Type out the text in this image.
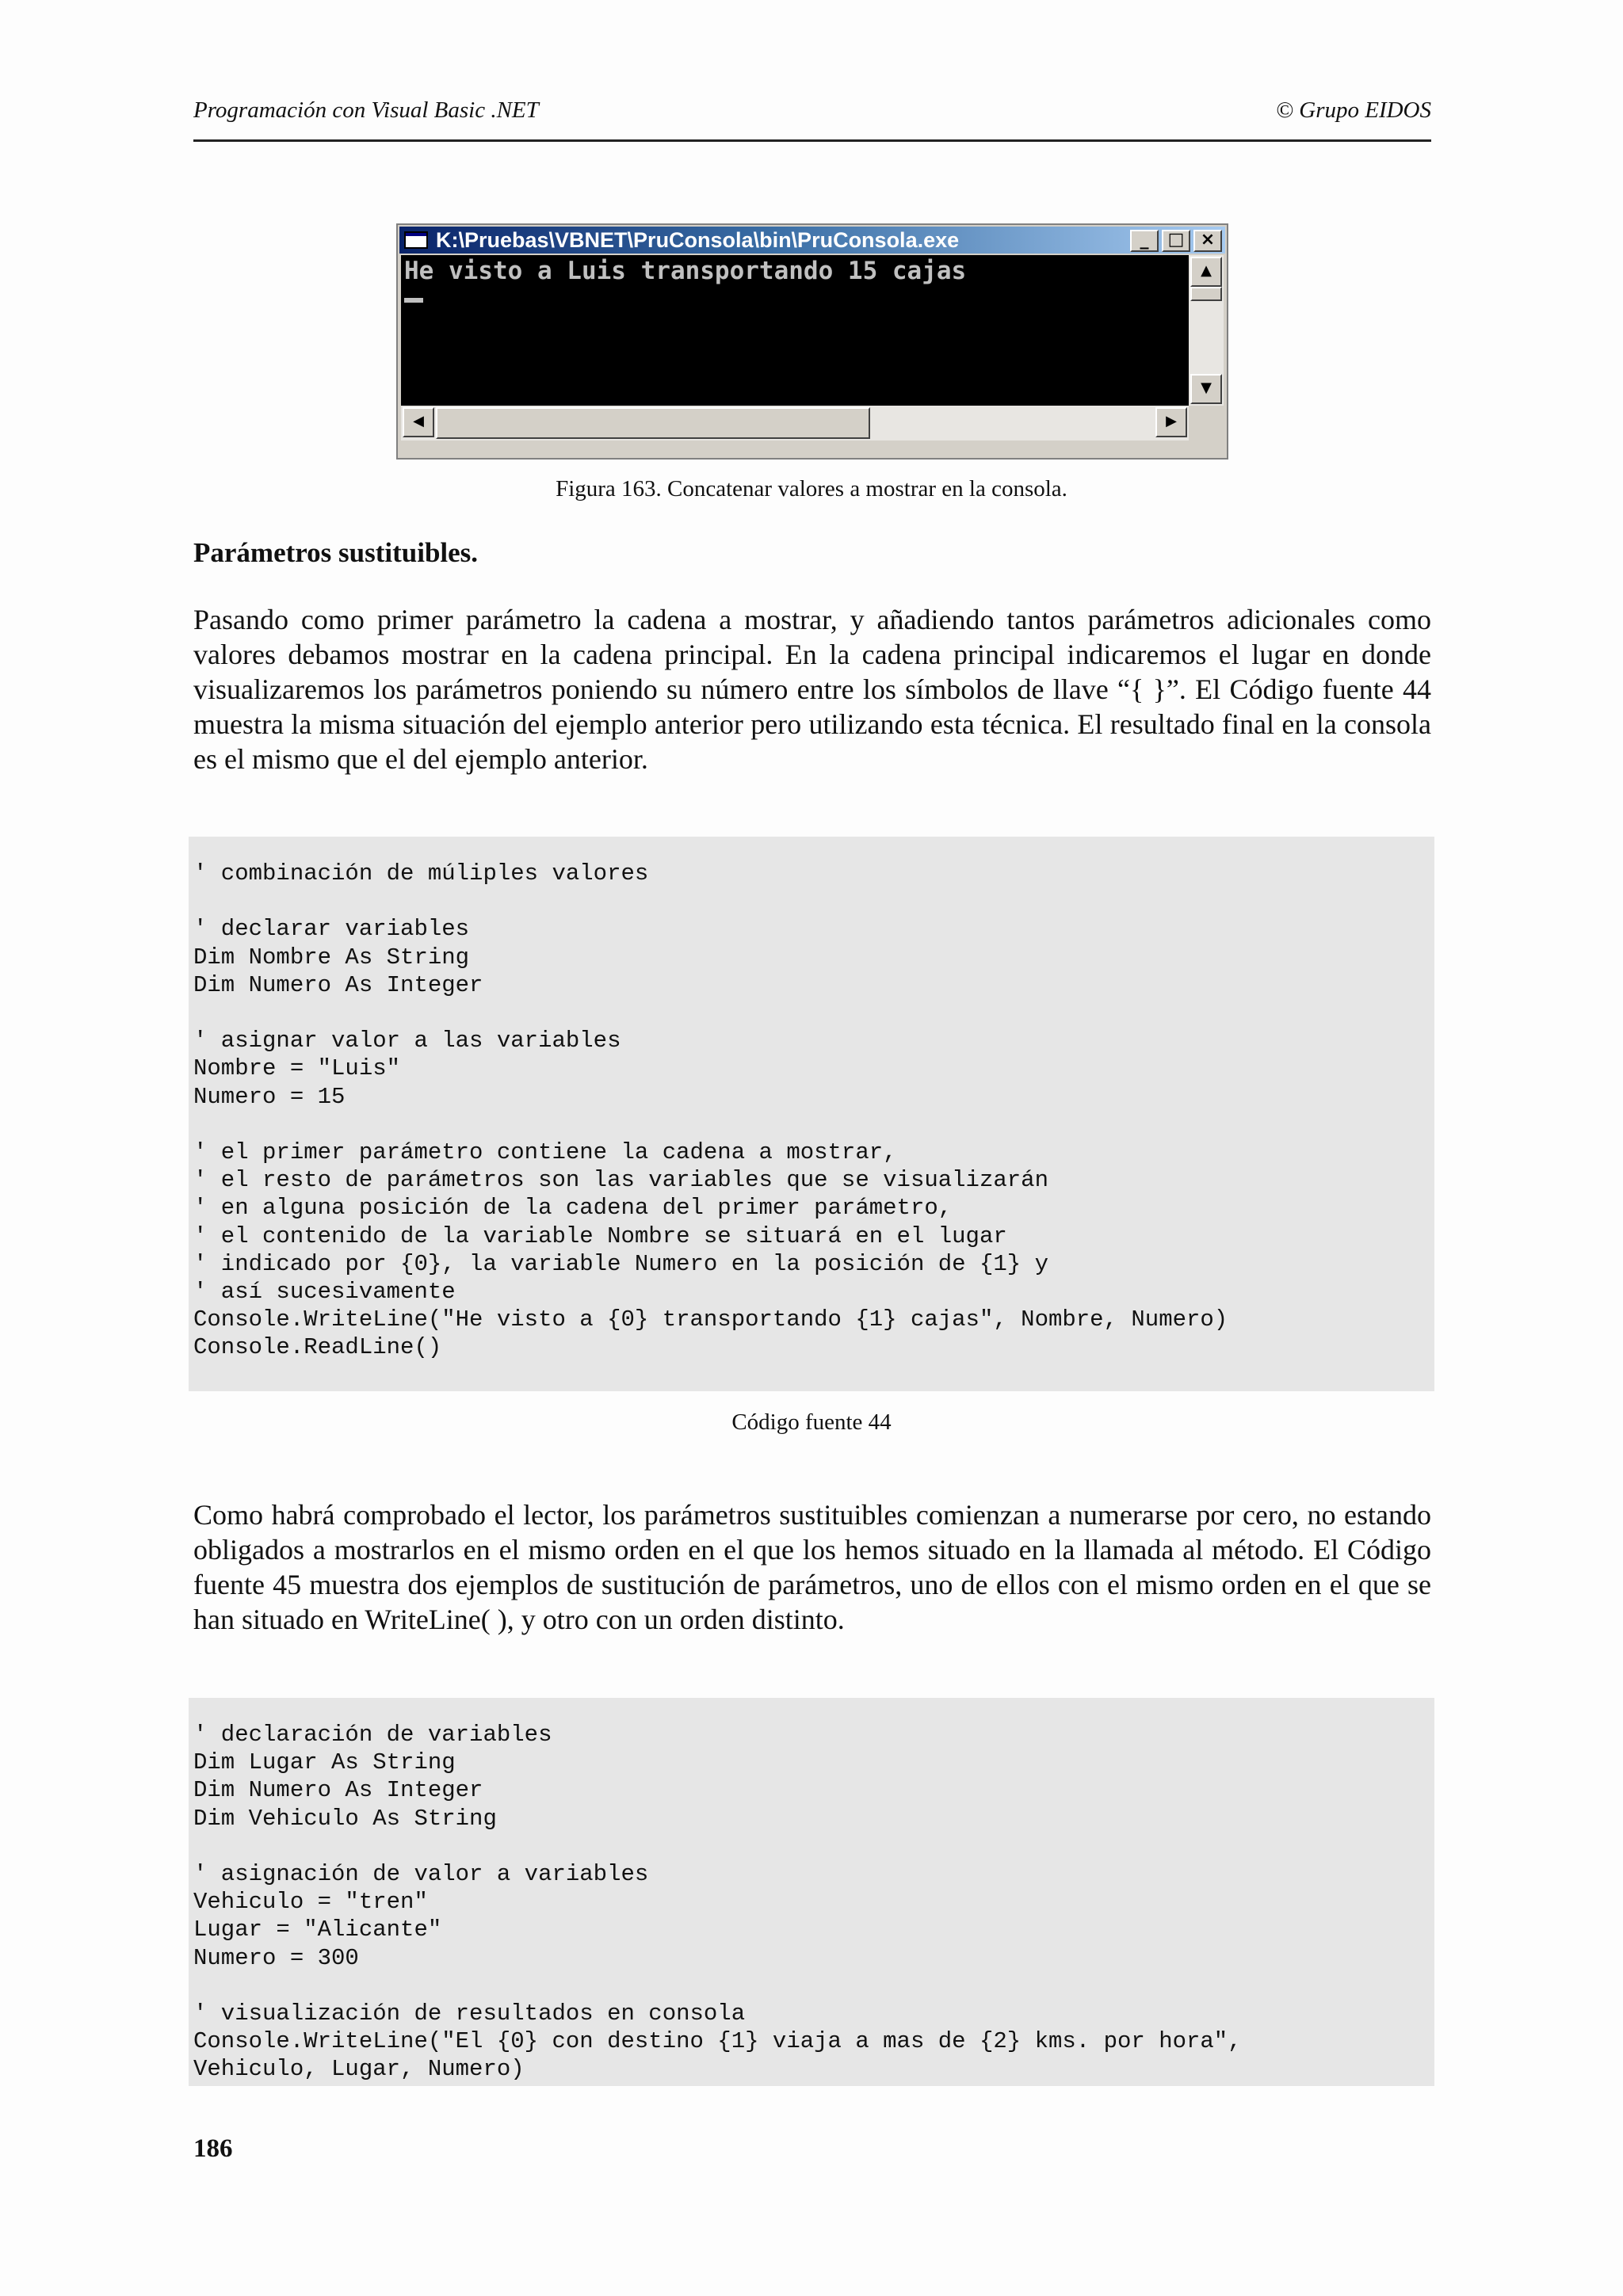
Programación con Visual Basic .NET	© Grupo EIDOS
K:\Pruebas\VBNET\PruConsola\bin\PruConsola.exe	_	□ ×
He visto a Luis transportando 15 cajas	▲
▼
◀	▶
Figura 163. Concatenar valores a mostrar en la consola.
Parámetros sustituibles.
Pasando como primer parámetro la cadena a mostrar, y añadiendo tantos parámetros adicionales como valores debamos mostrar en la cadena principal. En la cadena principal indicaremos el lugar en donde visualizaremos los parámetros poniendo su número entre los símbolos de llave “{ }”. El Código fuente 44 muestra la misma situación del ejemplo anterior pero utilizando esta técnica. El resultado final en la consola es el mismo que el del ejemplo anterior.
' combinación de múliples valores

' declarar variables
Dim Nombre As String
Dim Numero As Integer

' asignar valor a las variables
Nombre = "Luis"
Numero = 15

' el primer parámetro contiene la cadena a mostrar,
' el resto de parámetros son las variables que se visualizarán
' en alguna posición de la cadena del primer parámetro,
' el contenido de la variable Nombre se situará en el lugar
' indicado por {0}, la variable Numero en la posición de {1} y
' así sucesivamente
Console.WriteLine("He visto a {0} transportando {1} cajas", Nombre, Numero)
Console.ReadLine()
Código fuente 44
Como habrá comprobado el lector, los parámetros sustituibles comienzan a numerarse por cero, no estando obligados a mostrarlos en el mismo orden en el que los hemos situado en la llamada al método. El Código fuente 45 muestra dos ejemplos de sustitución de parámetros, uno de ellos con el mismo orden en el que se han situado en WriteLine( ), y otro con un orden distinto.
' declaración de variables
Dim Lugar As String
Dim Numero As Integer
Dim Vehiculo As String

' asignación de valor a variables
Vehiculo = "tren"
Lugar = "Alicante"
Numero = 300

' visualización de resultados en consola
Console.WriteLine("El {0} con destino {1} viaja a mas de {2} kms. por hora",
Vehiculo, Lugar, Numero)
186
